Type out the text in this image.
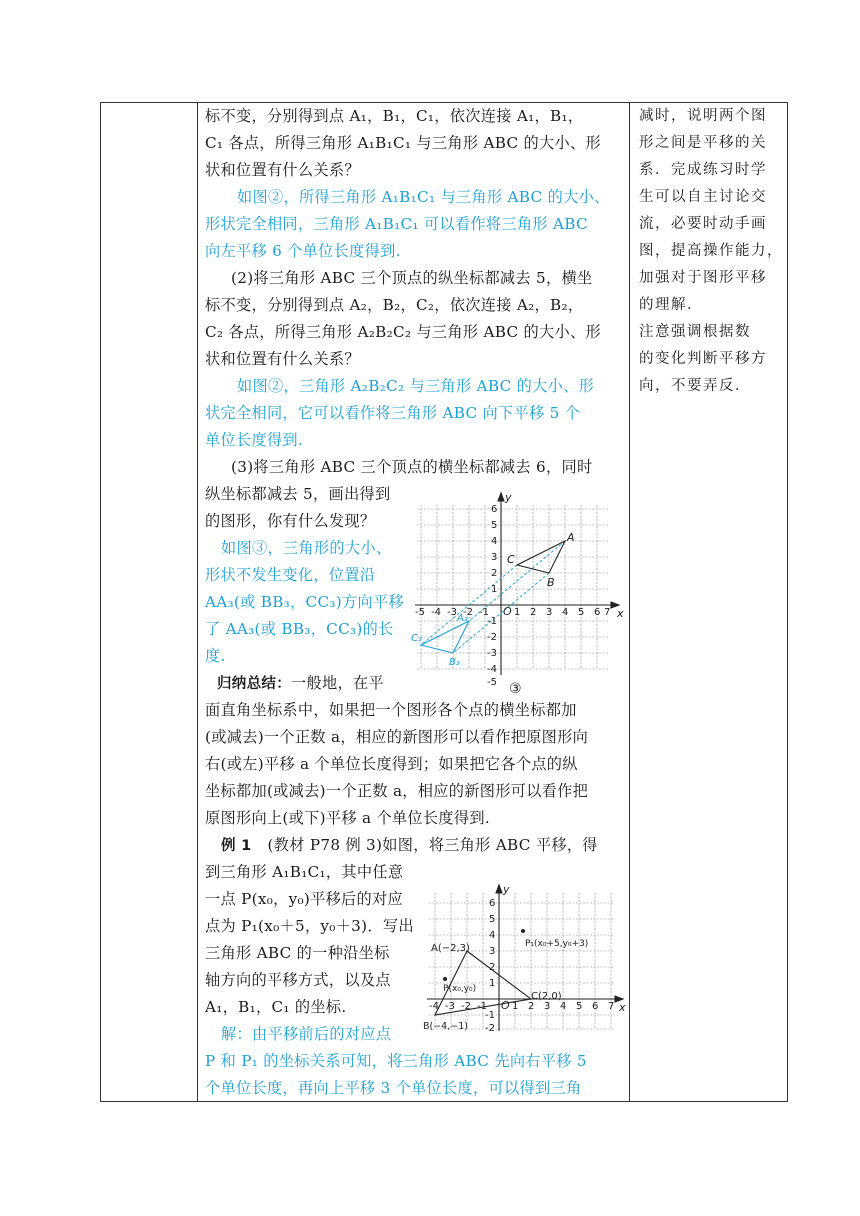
标不变，分别得到点 A₁，B₁，C₁，依次连接 A₁，B₁，
C₁ 各点，所得三角形 A₁B₁C₁ 与三角形 ABC 的大小、形
状和位置有什么关系？
如图②，所得三角形 A₁B₁C₁ 与三角形 ABC 的大小、
形状完全相同，三角形 A₁B₁C₁ 可以看作将三角形 ABC
向左平移 6 个单位长度得到.
(2)将三角形 ABC 三个顶点的纵坐标都减去 5，横坐
标不变，分别得到点 A₂，B₂，C₂，依次连接 A₂，B₂，
C₂ 各点，所得三角形 A₂B₂C₂ 与三角形 ABC 的大小、形
状和位置有什么关系？
如图②，三角形 A₂B₂C₂ 与三角形 ABC 的大小、形
状完全相同，它可以看作将三角形 ABC 向下平移 5 个
单位长度得到.
(3)将三角形 ABC 三个顶点的横坐标都减去 6，同时
纵坐标都减去 5，画出得到
的图形，你有什么发现？
如图③，三角形的大小、
形状不发生变化，位置沿
AA₃(或 BB₃，CC₃)方向平移
了 AA₃(或 BB₃，CC₃)的长
度.
-5 -4 -3 -2 -1	1 2 3 4 5 6 7
6
5
4
3
2
1
-1
-2
-3
-4
-5
x
y
O
A
B
C
A₃
B₃
C₃
③
归纳总结：一般地，在平
面直角坐标系中，如果把一个图形各个点的横坐标都加
(或减去)一个正数 a，相应的新图形可以看作把原图形向
右(或左)平移 a 个单位长度得到；如果把它各个点的纵
坐标都加(或减去)一个正数 a，相应的新图形可以看作把
原图形向上(或下)平移 a 个单位长度得到.
例 1 (教材 P78 例 3)如图，将三角形 ABC 平移，得
到三角形 A₁B₁C₁，其中任意
一点 P(x₀，y₀)平移后的对应
点为 P₁(x₀＋5，y₀＋3)．写出
三角形 ABC 的一种沿坐标
轴方向的平移方式，以及点
A₁，B₁，C₁ 的坐标.	-4 -3 -2 -1	1 2 3 4 5 6 7
6
5
4
3
2
1
-1
-2
x
y
O
A(−2,3)
B(−4,−1)
C(2,0)
P(x₀,y₀)
P₁(x₀+5,y₀+3)
解：由平移前后的对应点
P 和 P₁ 的坐标关系可知，将三角形 ABC 先向右平移 5
个单位长度，再向上平移 3 个单位长度，可以得到三角
减时，说明两个图
形之间是平移的关
系．完成练习时学
生可以自主讨论交
流，必要时动手画
图，提高操作能力，
加强对于图形平移
的理解．
注意强调根据数
的变化判断平移方
向，不要弄反．
